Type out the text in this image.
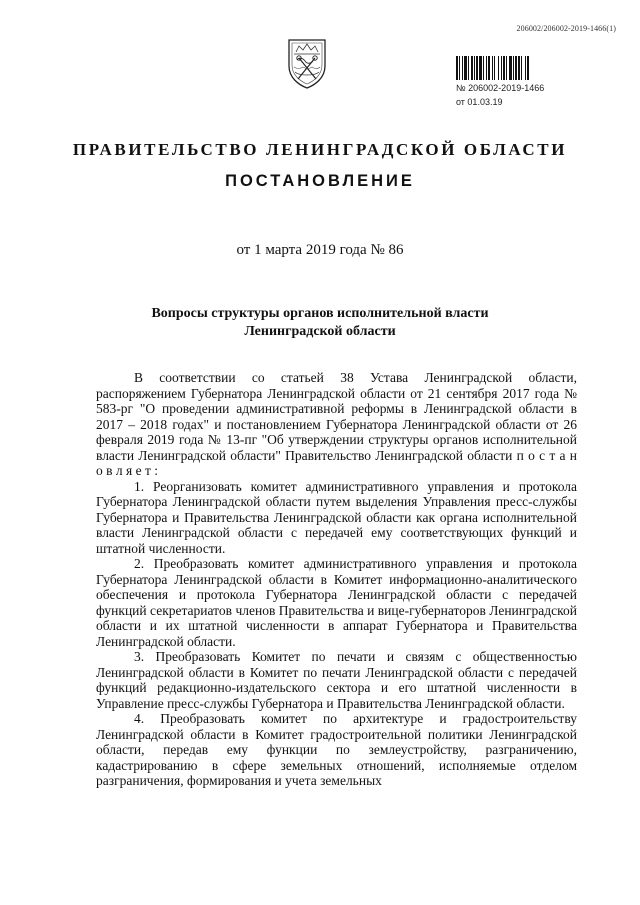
206002/206002-2019-1466(1)
№ 206002-2019-1466
от 01.03.19
ПРАВИТЕЛЬСТВО ЛЕНИНГРАДСКОЙ ОБЛАСТИ
ПОСТАНОВЛЕНИЕ
от 1 марта 2019 года № 86
Вопросы структуры органов исполнительной власти
Ленинградской области

В соответствии со статьей 38 Устава Ленинградской области, распоряжением Губернатора Ленинградской области от 21 сентября 2017 года № 583-рг "О проведении административной реформы в Ленинградской области в 2017 – 2018 годах" и постановлением Губернатора Ленинградской области от 26 февраля 2019 года № 13-пг "Об утверждении структуры органов исполнительной власти Ленинградской области" Правительство Ленинградской области п о с т а н о в л я е т :

1. Реорганизовать комитет административного управления и протокола Губернатора Ленинградской области путем выделения Управления пресс-службы Губернатора и Правительства Ленинградской области как органа исполнительной власти Ленинградской области с передачей ему соответствующих функций и штатной численности.

2. Преобразовать комитет административного управления и протокола Губернатора Ленинградской области в Комитет информационно-аналитического обеспечения и протокола Губернатора Ленинградской области с передачей функций секретариатов членов Правительства и вице-губернаторов Ленинградской области и их штатной численности в аппарат Губернатора и Правительства Ленинградской области.

3. Преобразовать Комитет по печати и связям с общественностью Ленинградской области в Комитет по печати Ленинградской области с передачей функций редакционно-издательского сектора и его штатной численности в Управление пресс-службы Губернатора и Правительства Ленинградской области.

4. Преобразовать комитет по архитектуре и градостроительству Ленинградской области в Комитет градостроительной политики Ленинградской области, передав ему функции по землеустройству, разграничению, кадастрированию в сфере земельных отношений, исполняемые отделом разграничения, формирования и учета земельных
